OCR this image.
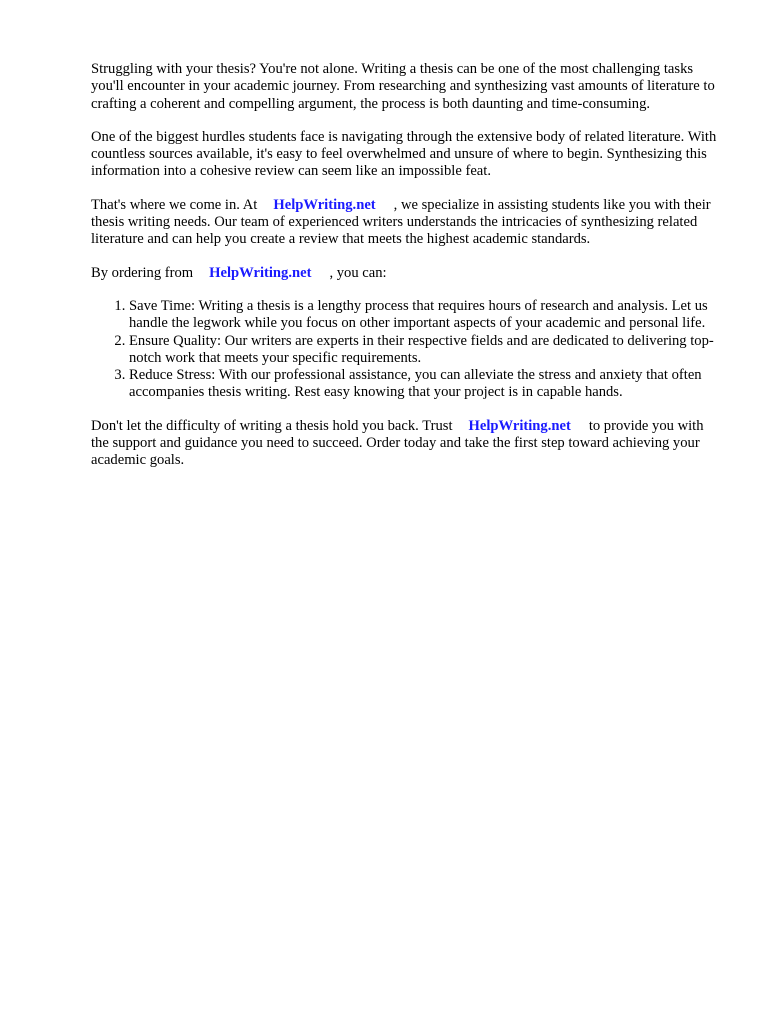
Struggling with your thesis? You're not alone. Writing a thesis can be one of the most challenging tasks you'll encounter in your academic journey. From researching and synthesizing vast amounts of literature to crafting a coherent and compelling argument, the process is both daunting and time-consuming.

One of the biggest hurdles students face is navigating through the extensive body of related literature. With countless sources available, it's easy to feel overwhelmed and unsure of where to begin. Synthesizing this information into a cohesive review can seem like an impossible feat.

That's where we come in. At HelpWriting.net , we specialize in assisting students like you with their thesis writing needs. Our team of experienced writers understands the intricacies of synthesizing related literature and can help you create a review that meets the highest academic standards.

By ordering from HelpWriting.net , you can:

1. Save Time: Writing a thesis is a lengthy process that requires hours of research and analysis. Let us handle the legwork while you focus on other important aspects of your academic and personal life.
2. Ensure Quality: Our writers are experts in their respective fields and are dedicated to delivering top-notch work that meets your specific requirements.
3. Reduce Stress: With our professional assistance, you can alleviate the stress and anxiety that often accompanies thesis writing. Rest easy knowing that your project is in capable hands.

Don't let the difficulty of writing a thesis hold you back. Trust HelpWriting.net to provide you with the support and guidance you need to succeed. Order today and take the first step toward achieving your academic goals.
